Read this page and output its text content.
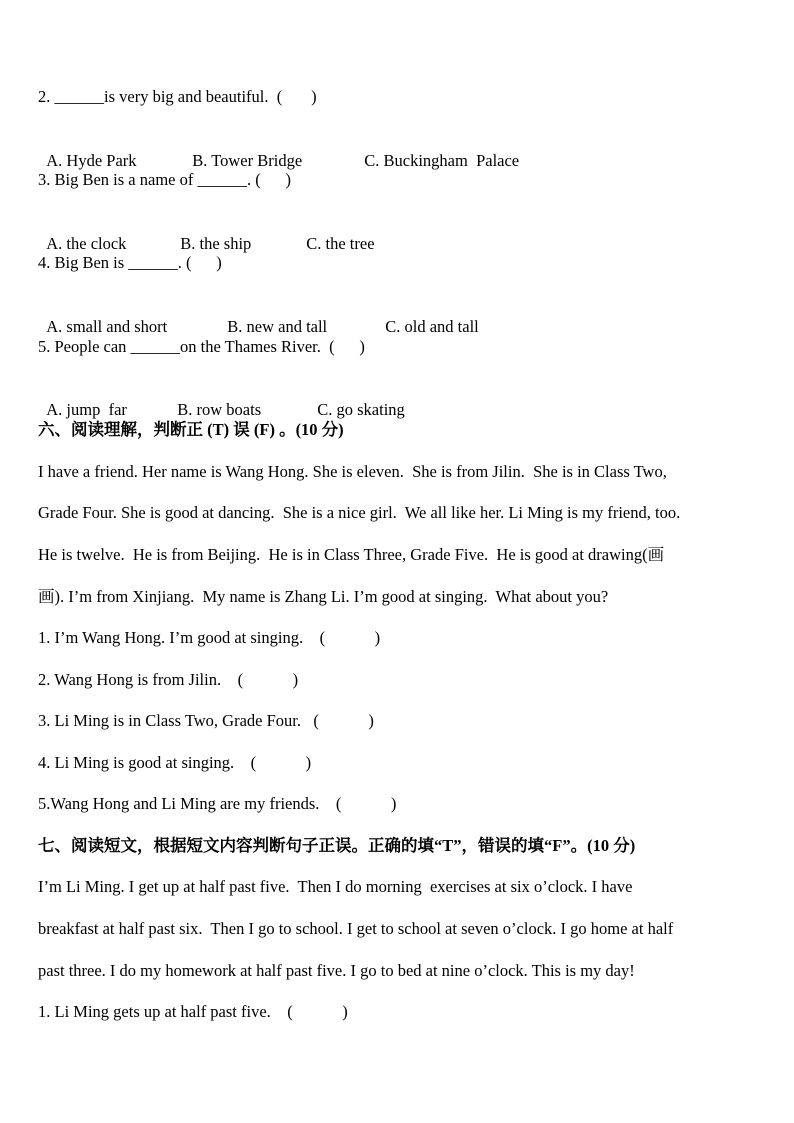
2. ______is very big and beautiful.  (       )

A. Hyde Park	B. Tower Bridge	C. Buckingham  Palace

3. Big Ben is a name of ______. (      )

A. the clock	B. the ship	C. the tree

4. Big Ben is ______. (      )

A. small and short	B. new and tall	C. old and tall

5. People can ______on the Thames River.  (      )

A. jump  far	B. row boats	C. go skating

六、阅读理解，判断正 (T) 误 (F) 。(10 分)
I have a friend. Her name is Wang Hong. She is eleven.  She is from Jilin.  She is in Class Two,
Grade Four. She is good at dancing.  She is a nice girl.  We all like her. Li Ming is my friend, too.
He is twelve.  He is from Beijing.  He is in Class Three, Grade Five.  He is good at drawing(画
画). I’m from Xinjiang.  My name is Zhang Li. I’m good at singing.  What about you?
1. I’m Wang Hong. I’m good at singing.    (            )
2. Wang Hong is from Jilin.    (            )
3. Li Ming is in Class Two, Grade Four.   (            )
4. Li Ming is good at singing.    (            )
5.Wang Hong and Li Ming are my friends.    (            )
七、阅读短文，根据短文内容判断句子正误。正确的填“T”，错误的填“F”。(10 分)
I’m Li Ming. I get up at half past five.  Then I do morning  exercises at six o’clock. I have
breakfast at half past six.  Then I go to school. I get to school at seven o’clock. I go home at half
past three. I do my homework at half past five. I go to bed at nine o’clock. This is my day!
1. Li Ming gets up at half past five.    (            )
